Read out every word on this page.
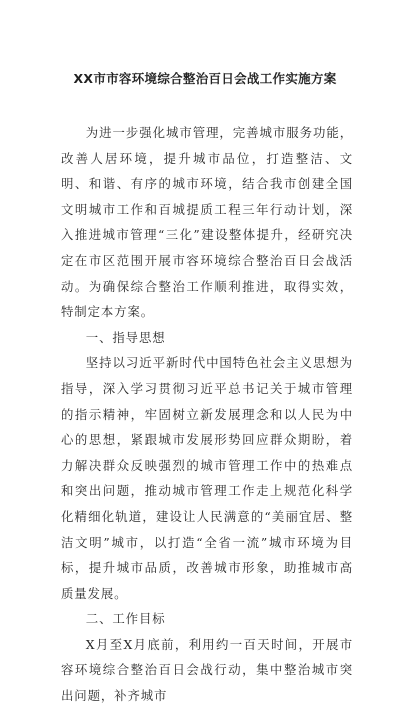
XX市市容环境综合整治百日会战工作实施方案

为进一步强化城市管理，完善城市服务功能，改善人居环境，提升城市品位，打造整洁、文明、和谐、有序的城市环境，结合我市创建全国文明城市工作和百城提质工程三年行动计划，深入推进城市管理“三化”建设整体提升，经研究决定在市区范围开展市容环境综合整治百日会战活动。为确保综合整治工作顺利推进，取得实效，特制定本方案。

一、指导思想

坚持以习近平新时代中国特色社会主义思想为指导，深入学习贯彻习近平总书记关于城市管理的指示精神，牢固树立新发展理念和以人民为中心的思想，紧跟城市发展形势回应群众期盼，着力解决群众反映强烈的城市管理工作中的热难点和突出问题，推动城市管理工作走上规范化科学化精细化轨道，建设让人民满意的“美丽宜居、整洁文明”城市，以打造“全省一流”城市环境为目标，提升城市品质，改善城市形象，助推城市高质量发展。

二、工作目标

X月至X月底前，利用约一百天时间，开展市容环境综合整治百日会战行动，集中整治城市突出问题，补齐城市
